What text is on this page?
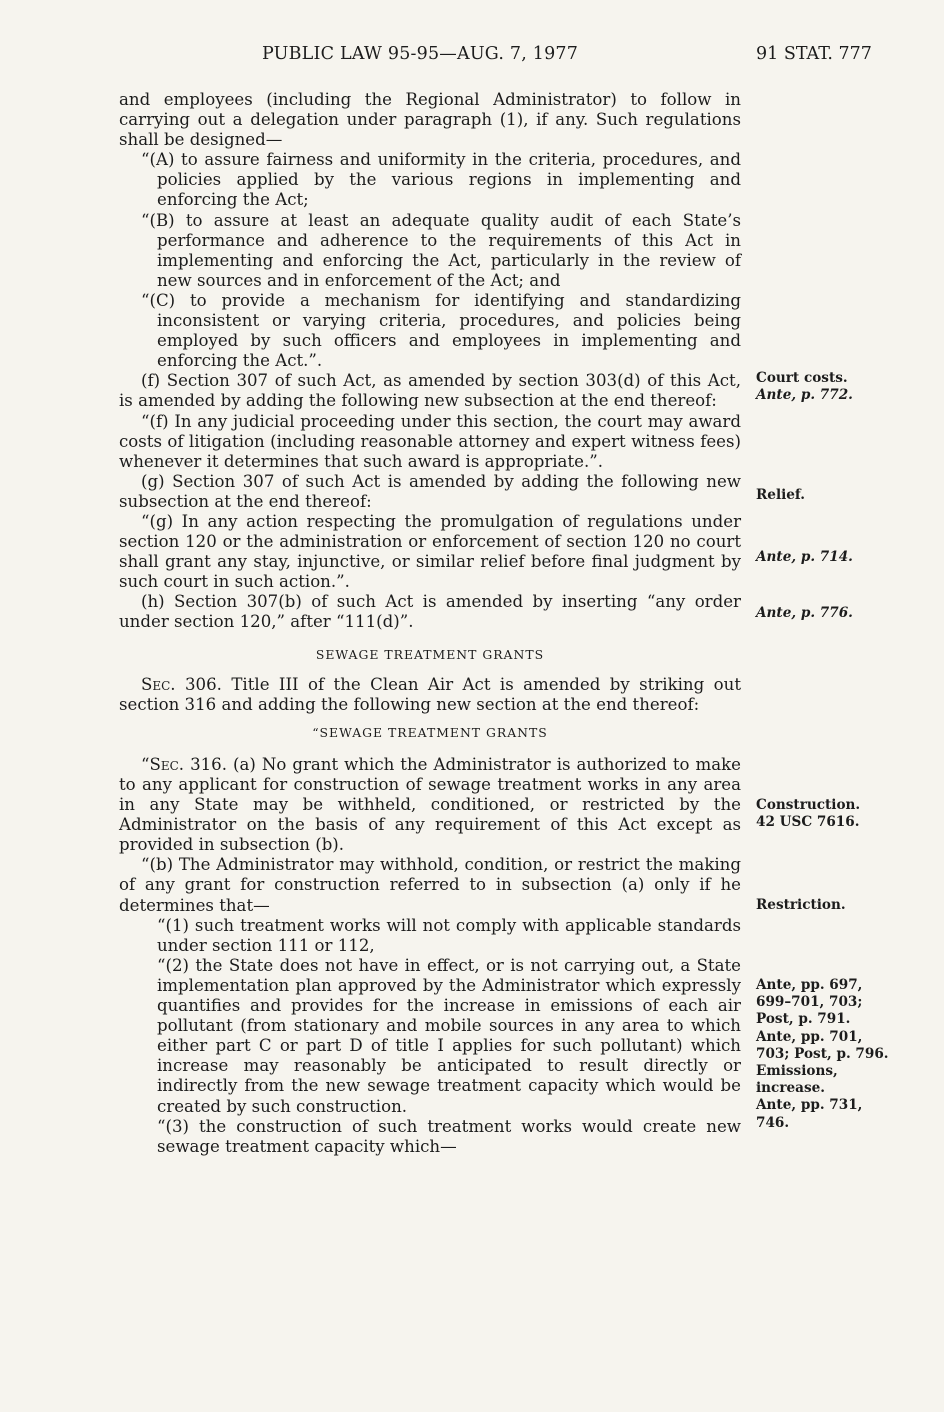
PUBLIC LAW 95-95—AUG. 7, 1977	91 STAT. 777

and employees (including the Regional Administrator) to follow in carrying out a delegation under paragraph (1), if any. Such regulations shall be designed—

“(A) to assure fairness and uniformity in the criteria, procedures, and policies applied by the various regions in implementing and enforcing the Act;

“(B) to assure at least an adequate quality audit of each State’s performance and adherence to the requirements of this Act in implementing and enforcing the Act, particularly in the review of new sources and in enforcement of the Act; and

“(C) to provide a mechanism for identifying and standardizing inconsistent or varying criteria, procedures, and policies being employed by such officers and employees in implementing and enforcing the Act.”.

(f) Section 307 of such Act, as amended by section 303(d) of this Act, is amended by adding the following new subsection at the end thereof:

“(f) In any judicial proceeding under this section, the court may award costs of litigation (including reasonable attorney and expert witness fees) whenever it determines that such award is appropriate.”.

(g) Section 307 of such Act is amended by adding the following new subsection at the end thereof:

“(g) In any action respecting the promulgation of regulations under section 120 or the administration or enforcement of section 120 no court shall grant any stay, injunctive, or similar relief before final judgment by such court in such action.”.

(h) Section 307(b) of such Act is amended by inserting “any order under section 120,” after “111(d)”.

SEWAGE TREATMENT GRANTS

Sec. 306. Title III of the Clean Air Act is amended by striking out section 316 and adding the following new section at the end thereof:

“SEWAGE TREATMENT GRANTS

“Sec. 316. (a) No grant which the Administrator is authorized to make to any applicant for construction of sewage treatment works in any area in any State may be withheld, conditioned, or restricted by the Administrator on the basis of any requirement of this Act except as provided in subsection (b).

“(b) The Administrator may withhold, condition, or restrict the making of any grant for construction referred to in subsection (a) only if he determines that—

“(1) such treatment works will not comply with applicable standards under section 111 or 112,

“(2) the State does not have in effect, or is not carrying out, a State implementation plan approved by the Administrator which expressly quantifies and provides for the increase in emissions of each air pollutant (from stationary and mobile sources in any area to which either part C or part D of title I applies for such pollutant) which increase may reasonably be anticipated to result directly or indirectly from the new sewage treatment capacity which would be created by such construction.

“(3) the construction of such treatment works would create new sewage treatment capacity which—

Court costs.
Ante, p. 772.
Relief.
Ante, p. 714.
Ante, p. 776.
Construction.
42 USC 7616.
Restriction.
Ante, pp. 697,
699–701, 703;
Post, p. 791.
Ante, pp. 701,
703; Post, p. 796.
Emissions,
increase.
Ante, pp. 731,
746.
